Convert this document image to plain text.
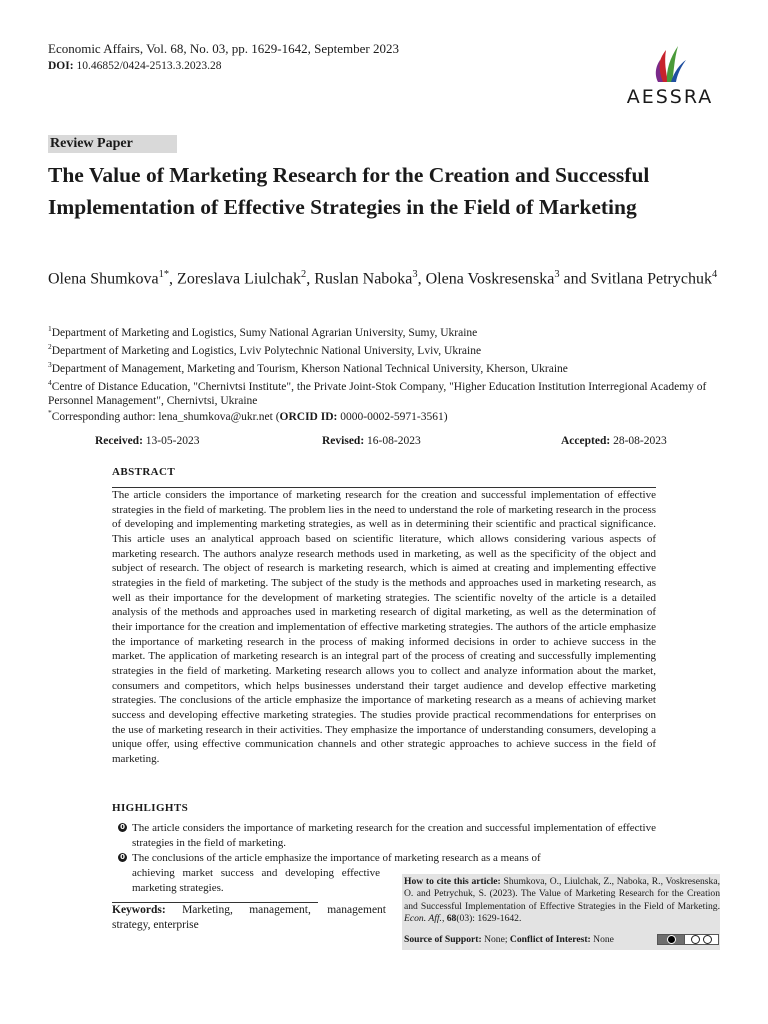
Economic Affairs, Vol. 68, No. 03, pp. 1629-1642, September 2023
DOI: 10.46852/0424-2513.3.2023.28
AESSRA
Review Paper
The Value of Marketing Research for the Creation and Successful Implementation of Effective Strategies in the Field of Marketing
Olena Shumkova$^{1*}$, Zoreslava Liulchak$^2$, Ruslan Naboka$^3$, Olena Voskresenska$^3$ and Svitlana Petrychuk$^4$
$^1$Department of Marketing and Logistics, Sumy National Agrarian University, Sumy, Ukraine
$^2$Department of Marketing and Logistics, Lviv Polytechnic National University, Lviv, Ukraine
$^3$Department of Management, Marketing and Tourism, Kherson National Technical University, Kherson, Ukraine
$^4$Centre of Distance Education, "Chernivtsi Institute", the Private Joint-Stok Company, "Higher Education Institution Interregional Academy of Personnel Management", Chernivtsi, Ukraine
*Corresponding author: lena_shumkova@ukr.net (ORCID ID: 0000-0002-5971-3561)
Received: 13-05-2023	Revised: 16-08-2023	Accepted: 28-08-2023
ABSTRACT
The article considers the importance of marketing research for the creation and successful implementation of effective strategies in the field of marketing. The problem lies in the need to understand the role of marketing research in the process of developing and implementing marketing strategies, as well as in determining their scientific and practical significance. This article uses an analytical approach based on scientific literature, which allows considering various aspects of marketing research. The authors analyze research methods used in marketing, as well as the specificity of the object and subject of research. The object of research is marketing research, which is aimed at creating and implementing effective strategies in the field of marketing. The subject of the study is the methods and approaches used in marketing research, as well as their importance for the development of marketing strategies. The scientific novelty of the article is a detailed analysis of the methods and approaches used in marketing research of digital marketing, as well as the determination of their importance for the creation and implementation of effective marketing strategies. The authors of the article emphasize the importance of marketing research in the process of making informed decisions in order to achieve success in the market. The application of marketing research is an integral part of the process of creating and successfully implementing strategies in the field of marketing. Marketing research allows you to collect and analyze information about the market, consumers and competitors, which helps businesses understand their target audience and develop effective marketing strategies. The conclusions of the article emphasize the importance of marketing research as a means of achieving market success and developing effective marketing strategies. The studies provide practical recommendations for enterprises on the use of marketing research in their activities. They emphasize the importance of understanding consumers, developing a unique offer, using effective communication channels and other strategic approaches to achieve success in the field of marketing.
HIGHLIGHTS
0 The article considers the importance of marketing research for the creation and successful implementation of effective strategies in the field of marketing.
0 The conclusions of the article emphasize the importance of marketing research as a means of
achieving market success and developing effective marketing strategies.
Keywords: Marketing, management, management strategy, enterprise
How to cite this article: Shumkova, O., Liulchak, Z., Naboka, R., Voskresenska, O. and Petrychuk, S. (2023). The Value of Marketing Research for the Creation and Successful Implementation of Effective Strategies in the Field of Marketing. Econ. Aff., 68(03): 1629-1642.
Source of Support: None; Conflict of Interest: None
